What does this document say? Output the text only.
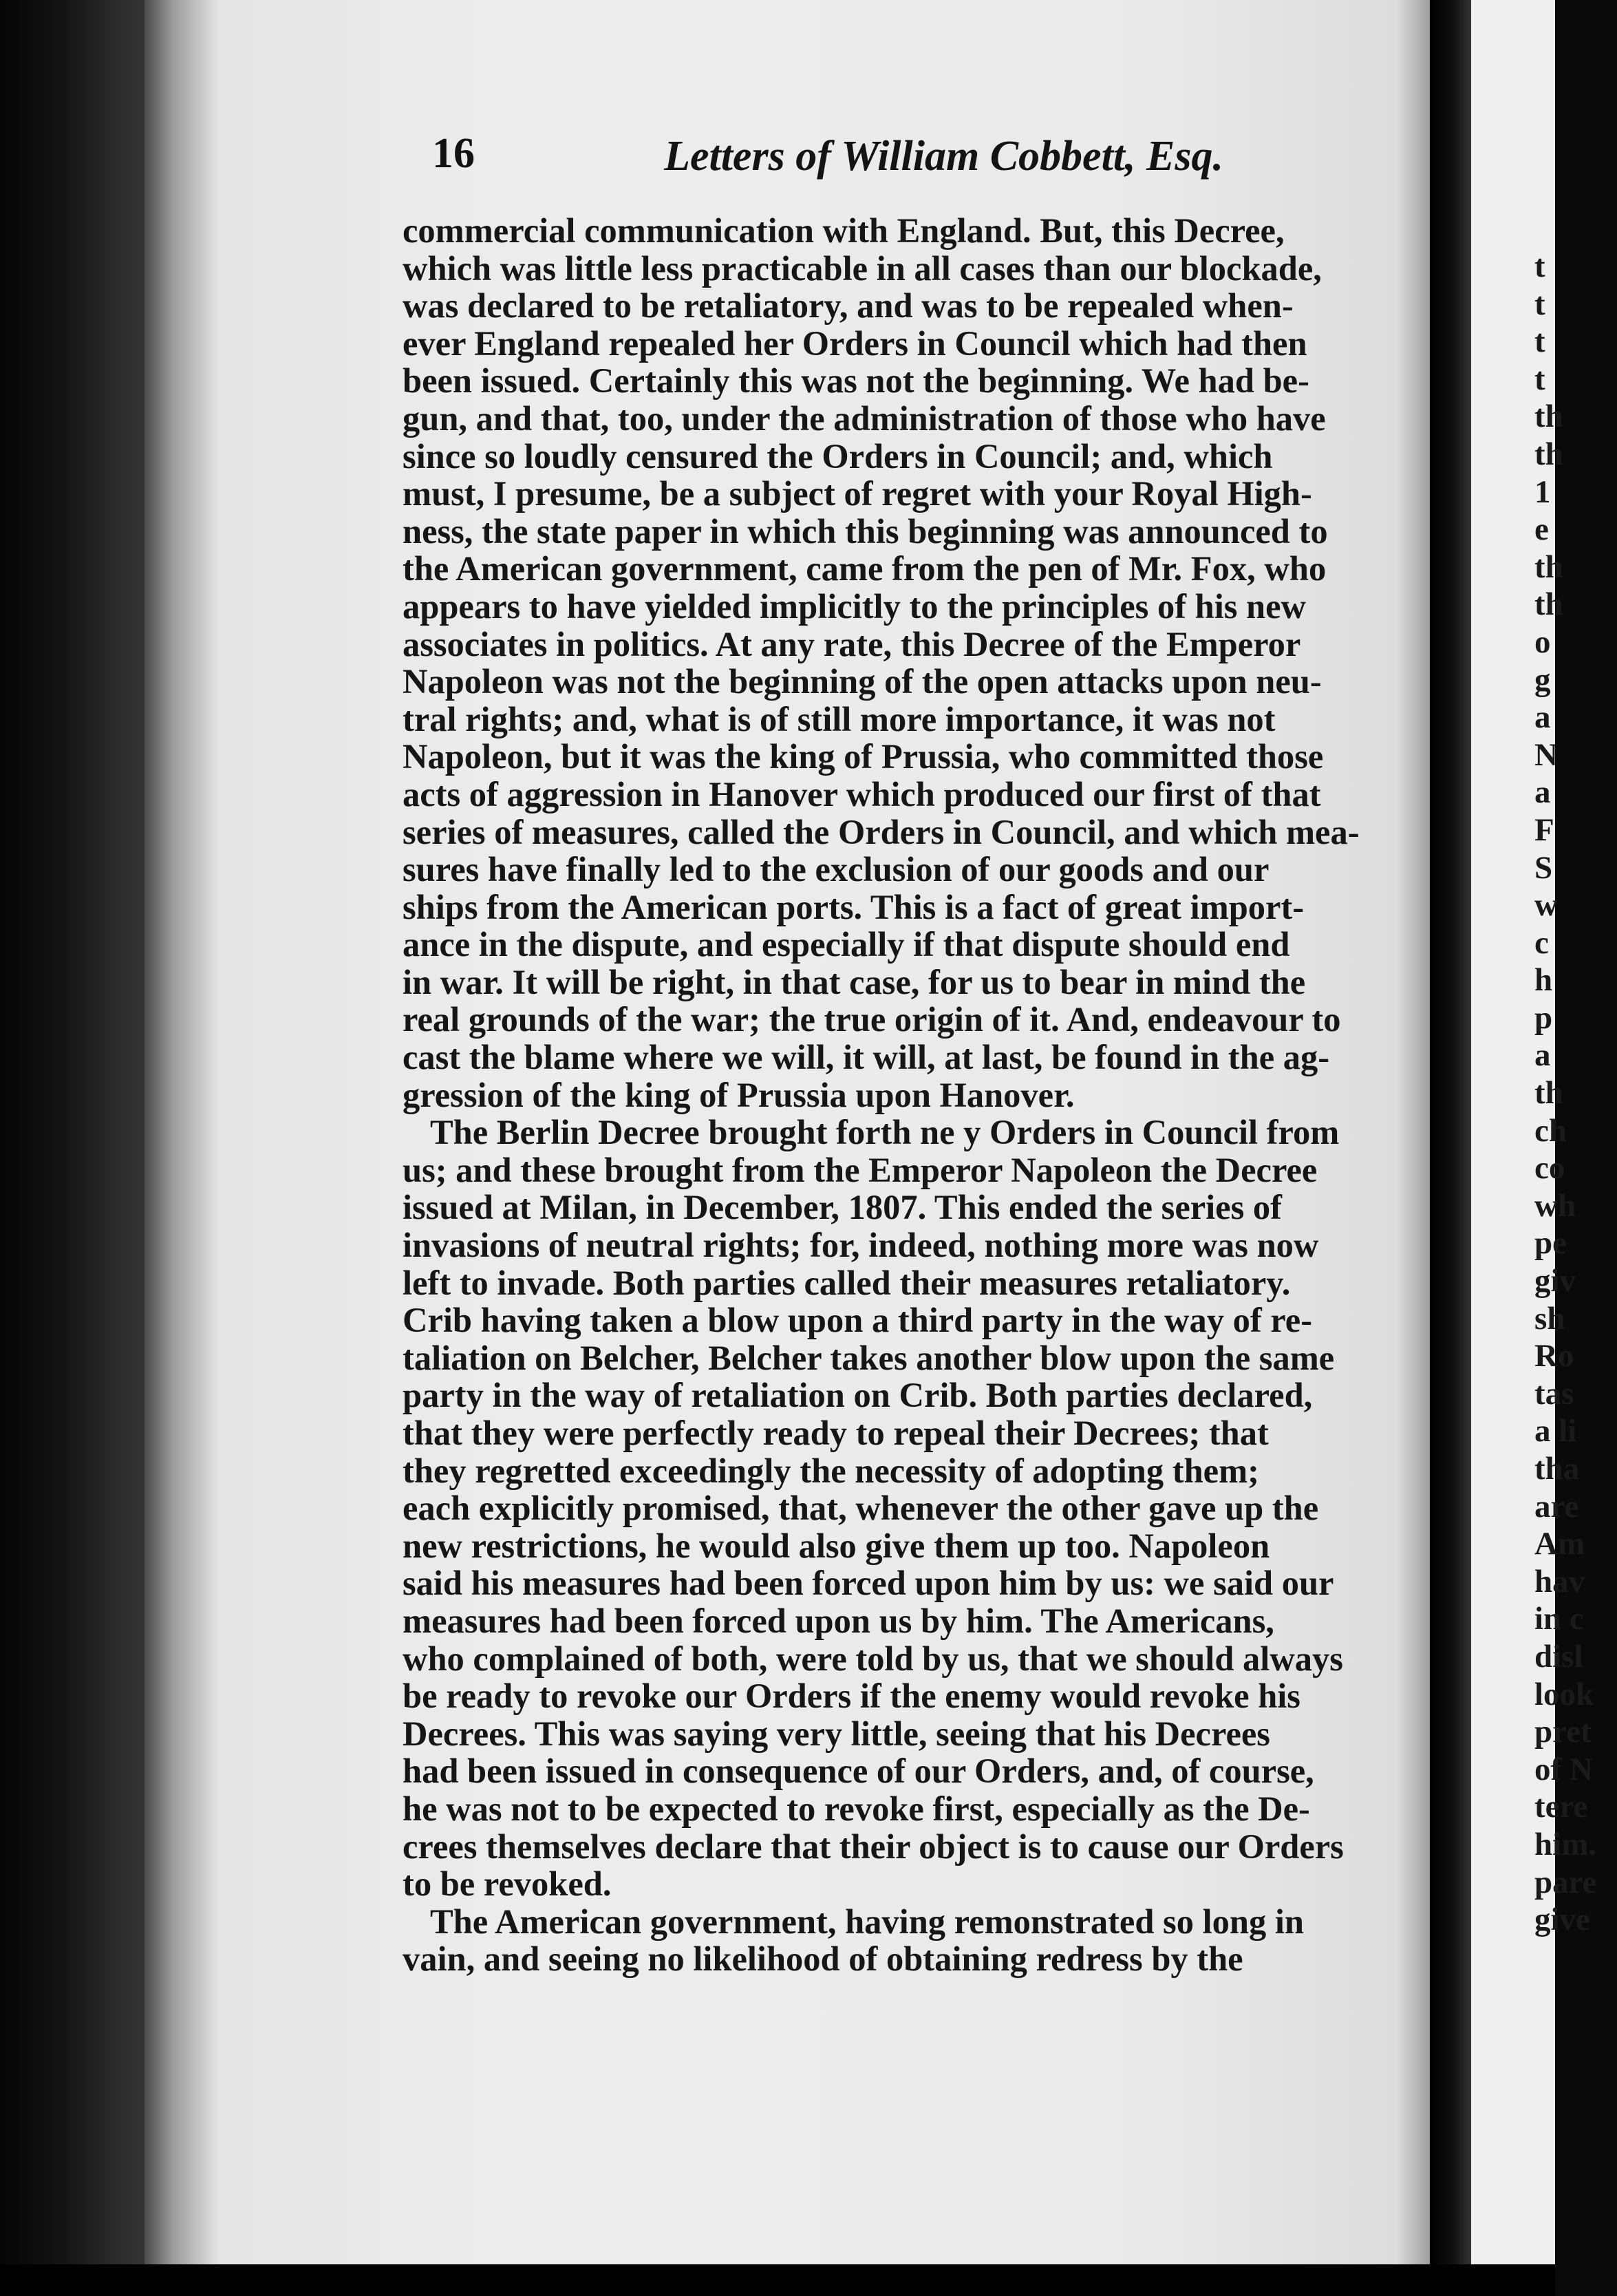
16	Letters of William Cobbett, Esq.
commercial communication with England. But, this Decree,
which was little less practicable in all cases than our blockade,
was declared to be retaliatory, and was to be repealed when-
ever England repealed her Orders in Council which had then
been issued. Certainly this was not the beginning. We had be-
gun, and that, too, under the administration of those who have
since so loudly censured the Orders in Council; and, which
must, I presume, be a subject of regret with your Royal High-
ness, the state paper in which this beginning was announced to
the American government, came from the pen of Mr. Fox, who
appears to have yielded implicitly to the principles of his new
associates in politics. At any rate, this Decree of the Emperor
Napoleon was not the beginning of the open attacks upon neu-
tral rights; and, what is of still more importance, it was not
Napoleon, but it was the king of Prussia, who committed those
acts of aggression in Hanover which produced our first of that
series of measures, called the Orders in Council, and which mea-
sures have finally led to the exclusion of our goods and our
ships from the American ports. This is a fact of great import-
ance in the dispute, and especially if that dispute should end
in war. It will be right, in that case, for us to bear in mind the
real grounds of the war; the true origin of it. And, endeavour to
cast the blame where we will, it will, at last, be found in the ag-
gression of the king of Prussia upon Hanover.
The Berlin Decree brought forth ne y Orders in Council from
us; and these brought from the Emperor Napoleon the Decree
issued at Milan, in December, 1807. This ended the series of
invasions of neutral rights; for, indeed, nothing more was now
left to invade. Both parties called their measures retaliatory.
Crib having taken a blow upon a third party in the way of re-
taliation on Belcher, Belcher takes another blow upon the same
party in the way of retaliation on Crib. Both parties declared,
that they were perfectly ready to repeal their Decrees; that
they regretted exceedingly the necessity of adopting them;
each explicitly promised, that, whenever the other gave up the
new restrictions, he would also give them up too. Napoleon
said his measures had been forced upon him by us: we said our
measures had been forced upon us by him. The Americans,
who complained of both, were told by us, that we should always
be ready to revoke our Orders if the enemy would revoke his
Decrees. This was saying very little, seeing that his Decrees
had been issued in consequence of our Orders, and, of course,
he was not to be expected to revoke first, especially as the De-
crees themselves declare that their object is to cause our Orders
to be revoked.
The American government, having remonstrated so long in
vain, and seeing no likelihood of obtaining redress by the
t
t
t
t
th
th
1
e
th
th
o
g
a
N
a
F
S
w
c
h
p
a
th
ch
co
wh
pe
giv
sh
Ro
tas
a li
tha
are
Am
hav
in c
disl
look
pret
of N
tere
him.
pare
give
